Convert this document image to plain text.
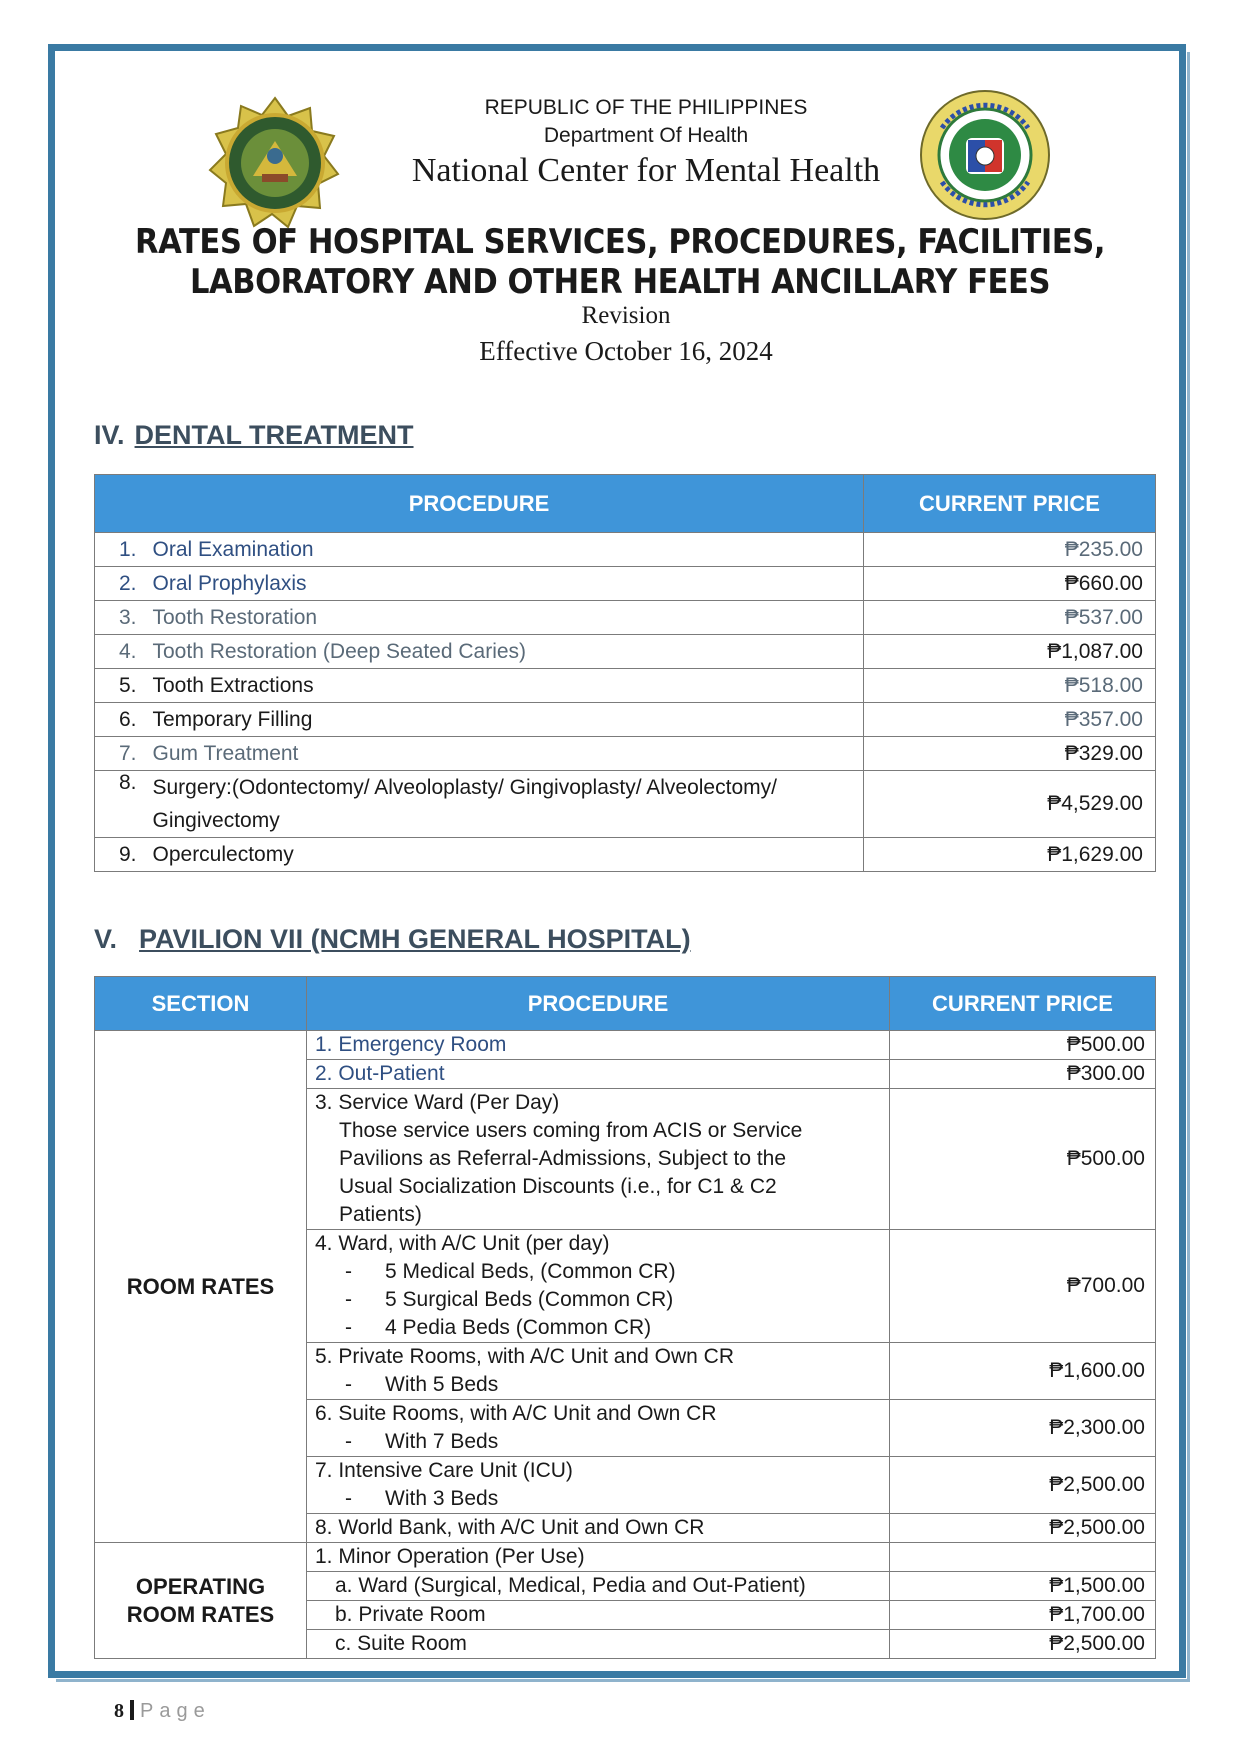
REPUBLIC OF THE PHILIPPINES
Department Of Health
National Center for Mental Health
RATES OF HOSPITAL SERVICES, PROCEDURES, FACILITIES,
LABORATORY AND OTHER HEALTH ANCILLARY FEES
Revision
Effective October 16, 2024
IV. DENTAL TREATMENT
PROCEDURE		CURRENT PRICE
1.	Oral Examination	₱235.00
2.	Oral Prophylaxis	₱660.00
3.	Tooth Restoration	₱537.00
4.	Tooth Restoration (Deep Seated Caries)	₱1,087.00
5.	Tooth Extractions	₱518.00
6.	Temporary Filling	₱357.00
7.	Gum Treatment	₱329.00
8.	Surgery:(Odontectomy/ Alveoloplasty/ Gingivoplasty/ Alveolectomy/
Gingivectomy	₱4,529.00
9.	Operculectomy	₱1,629.00
V. PAVILION VII (NCMH GENERAL HOSPITAL)
SECTION	PROCEDURE	CURRENT PRICE
ROOM RATES	1. Emergency Room	₱500.00
	2. Out-Patient	₱300.00

	3. Service Ward (Per Day)
Those service users coming from ACIS or Service
Pavilions as Referral-Admissions, Subject to the
Usual Socialization Discounts (i.e., for C1 & C2
Patients)	₱500.00

	4. Ward, with A/C Unit (per day)
- 5 Medical Beds, (Common CR)
- 5 Surgical Beds (Common CR)
- 4 Pedia Beds (Common CR)	₱700.00

	5. Private Rooms, with A/C Unit and Own CR
- With 5 Beds	₱1,600.00

	6. Suite Rooms, with A/C Unit and Own CR
- With 7 Beds	₱2,300.00

	7. Intensive Care Unit (ICU)
- With 3 Beds	₱2,500.00
	8. World Bank, with A/C Unit and Own CR	₱2,500.00

OPERATING
ROOM RATES	1. Minor Operation (Per Use)	

	a. Ward (Surgical, Medical, Pedia and Out-Patient)	₱1,500.00

	b. Private Room	₱1,700.00

	c. Suite Room	₱2,500.00
8 Page
